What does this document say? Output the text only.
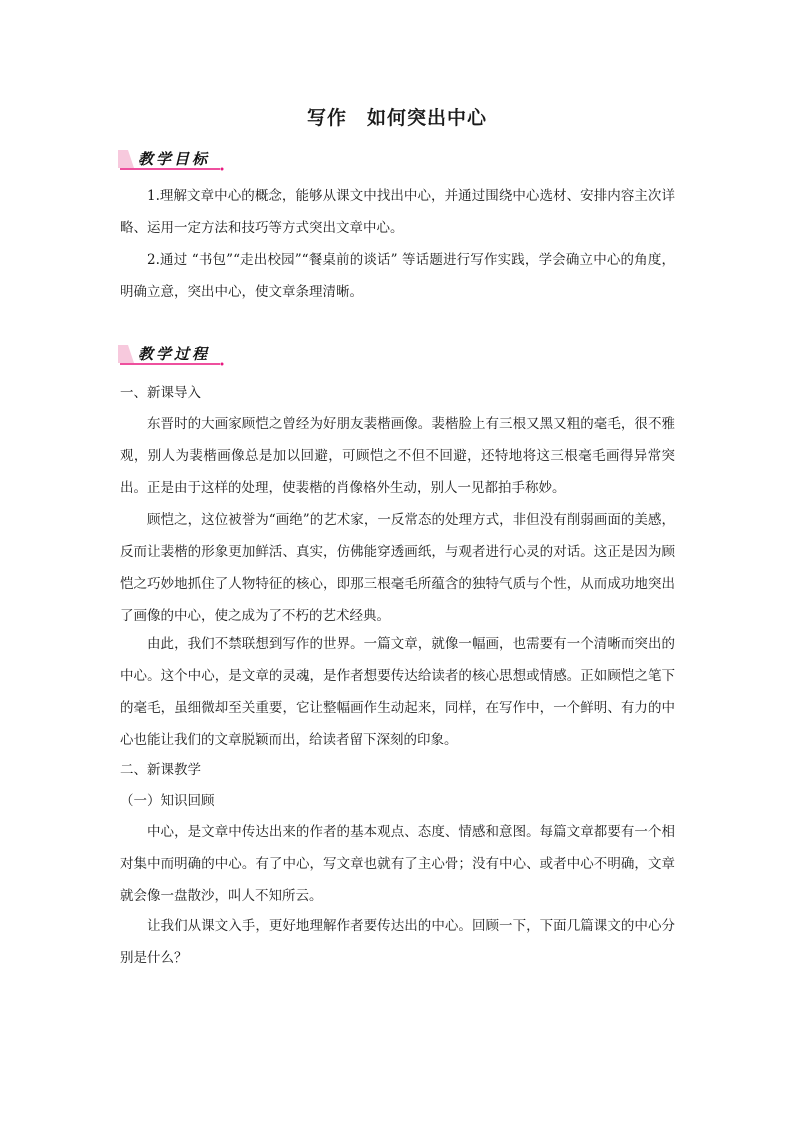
写作　如何突出中心
教学目标
1.理解文章中心的概念，能够从课文中找出中心，并通过围绕中心选材、安排内容主次详略、运用一定方法和技巧等方式突出文章中心。
2.通过 “书包”“走出校园”“餐桌前的谈话” 等话题进行写作实践，学会确立中心的角度，明确立意，突出中心，使文章条理清晰。
教学过程
一、新课导入
东晋时的大画家顾恺之曾经为好朋友裴楷画像。裴楷脸上有三根又黑又粗的毫毛，很不雅观，别人为裴楷画像总是加以回避，可顾恺之不但不回避，还特地将这三根毫毛画得异常突出。正是由于这样的处理，使裴楷的肖像格外生动，别人一见都拍手称妙。
顾恺之，这位被誉为“画绝”的艺术家，一反常态的处理方式，非但没有削弱画面的美感，反而让裴楷的形象更加鲜活、真实，仿佛能穿透画纸，与观者进行心灵的对话。这正是因为顾恺之巧妙地抓住了人物特征的核心，即那三根毫毛所蕴含的独特气质与个性，从而成功地突出了画像的中心，使之成为了不朽的艺术经典。
由此，我们不禁联想到写作的世界。一篇文章，就像一幅画，也需要有一个清晰而突出的中心。这个中心，是文章的灵魂，是作者想要传达给读者的核心思想或情感。正如顾恺之笔下的毫毛，虽细微却至关重要，它让整幅画作生动起来，同样，在写作中，一个鲜明、有力的中心也能让我们的文章脱颖而出，给读者留下深刻的印象。
二、新课教学
（一）知识回顾
中心，是文章中传达出来的作者的基本观点、态度、情感和意图。每篇文章都要有一个相对集中而明确的中心。有了中心，写文章也就有了主心骨；没有中心、或者中心不明确，文章就会像一盘散沙，叫人不知所云。
让我们从课文入手，更好地理解作者要传达出的中心。回顾一下，下面几篇课文的中心分别是什么？
